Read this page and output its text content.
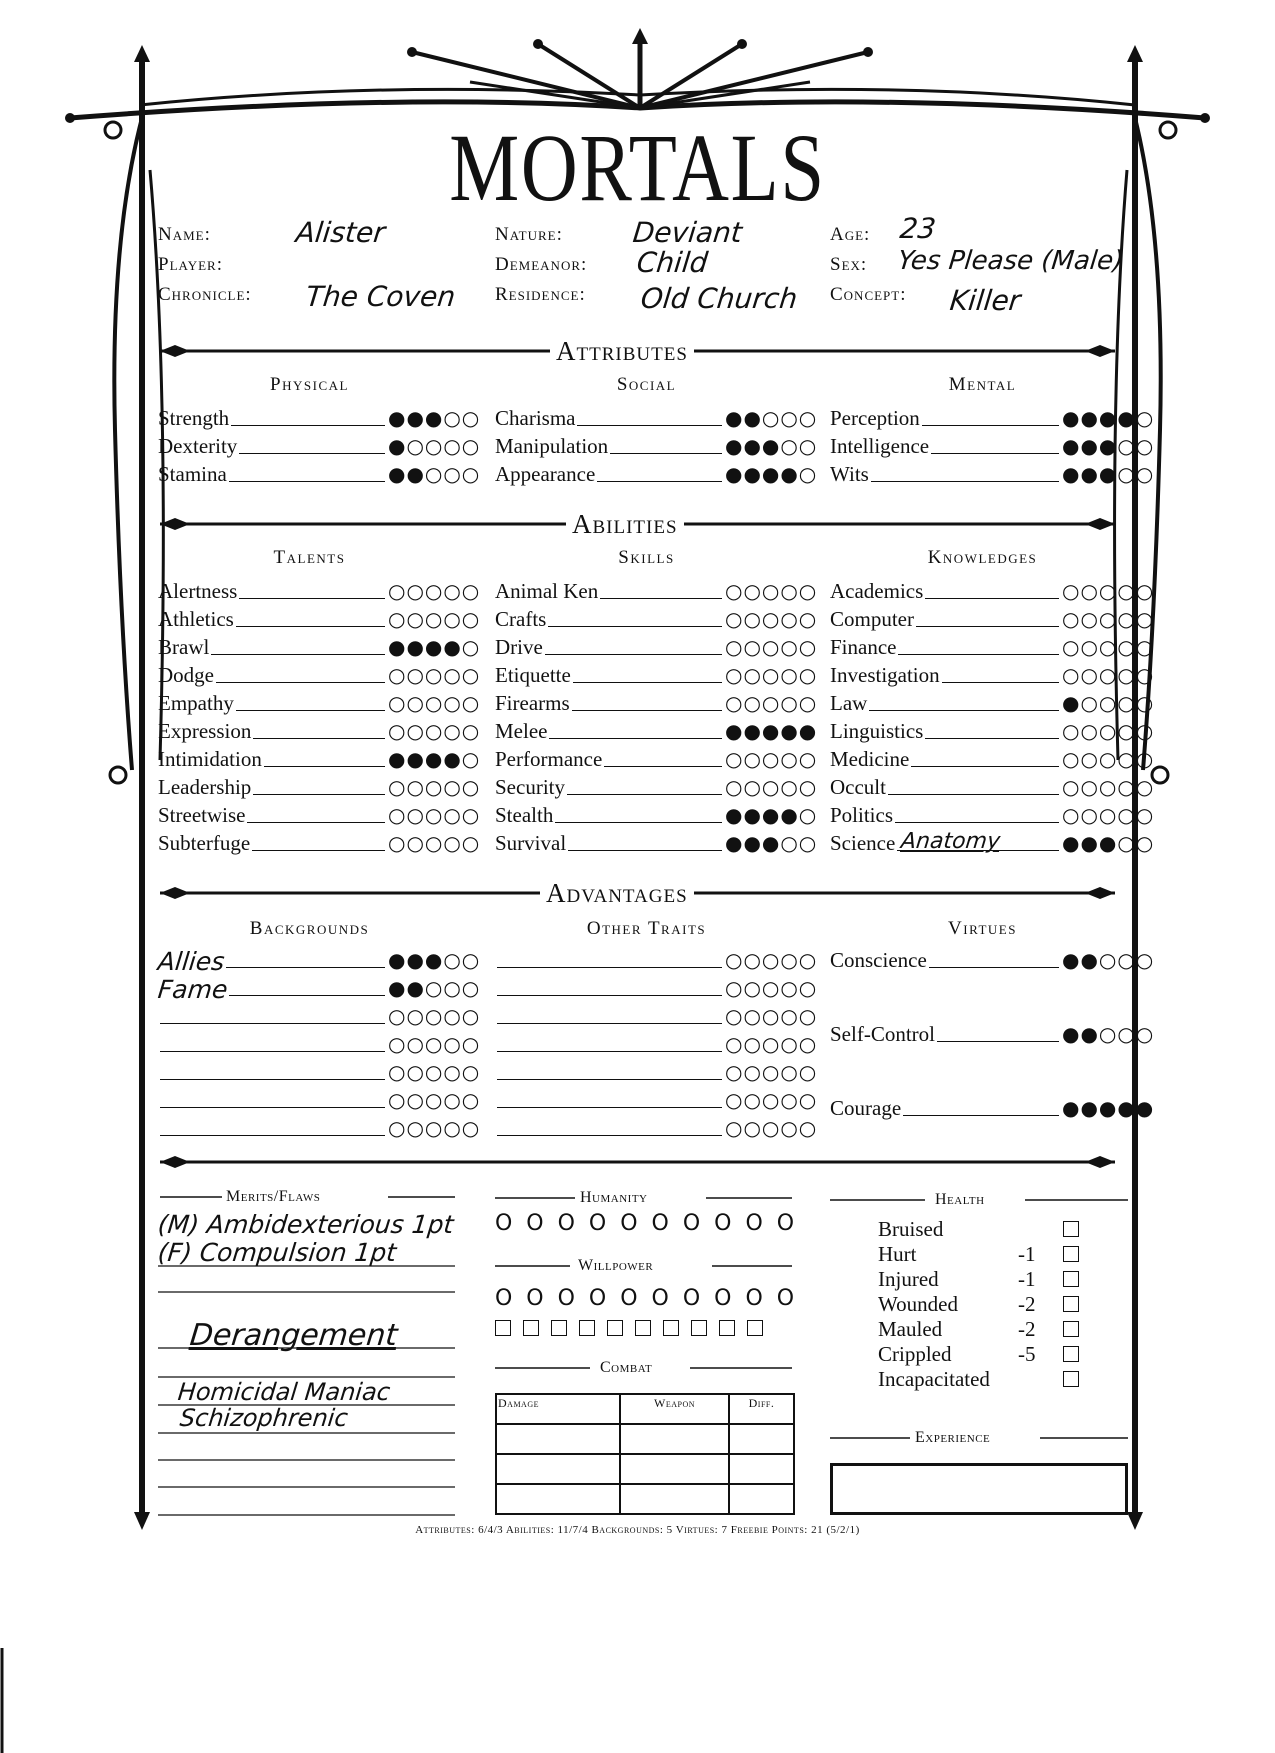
MORTALS
Name:	Alister
Player:
Chronicle: The Coven
Nature: Deviant
Demeanor: Child
Residence: Old Church
Age: 23
Sex: Yes Please (Male)
Concept: Killer
Attributes
Abilities
Advantages
Physical
Strength	●●●○○
Dexterity	●○○○○
Stamina	●●○○○
Social
Charisma	●●○○○
Manipulation	●●●○○
Appearance	●●●●○
Mental
Perception	●●●●○
Intelligence	●●●○○
Wits	●●●○○
Talents
Alertness	○○○○○
Athletics	○○○○○
Brawl	●●●●○
Dodge	○○○○○
Empathy	○○○○○
Expression	○○○○○
Intimidation	●●●●○
Leadership	○○○○○
Streetwise	○○○○○
Subterfuge	○○○○○
Skills
Animal Ken	○○○○○
Crafts	○○○○○
Drive	○○○○○
Etiquette	○○○○○
Firearms	○○○○○
Melee	●●●●●
Performance	○○○○○
Security	○○○○○
Stealth	●●●●○
Survival	●●●○○
Knowledges
Academics	○○○○○
Computer	○○○○○
Finance	○○○○○
Investigation	○○○○○
Law	●○○○○
Linguistics	○○○○○
Medicine	○○○○○
Occult	○○○○○
Politics	○○○○○
Science Anatomy	●●●○○
Backgrounds
Allies	●●●○○
Fame	●●○○○
○○○○○
○○○○○
○○○○○
○○○○○
○○○○○
Other Traits
○○○○○
○○○○○
○○○○○
○○○○○
○○○○○
○○○○○
○○○○○
Virtues
Conscience	●●○○○
Self-Control	●●○○○
Courage	●●●●●
Merits/Flaws
(M) Ambidexterious 1pt
(F) Compulsion 1pt
Derangement
Homicidal Maniac
Schizophrenic
Humanity
O O O O O O O O O O
Willpower
O O O O O O O O O O
Combat
Damage	Weapon	Diff.

Health
Bruised
Hurt	-1
Injured	-1
Wounded	-2
Mauled	-2
Crippled	-5
Incapacitated
Experience
Attributes: 6/4/3 Abilities: 11/7/4 Backgrounds: 5 Virtues: 7 Freebie Points: 21 (5/2/1)
